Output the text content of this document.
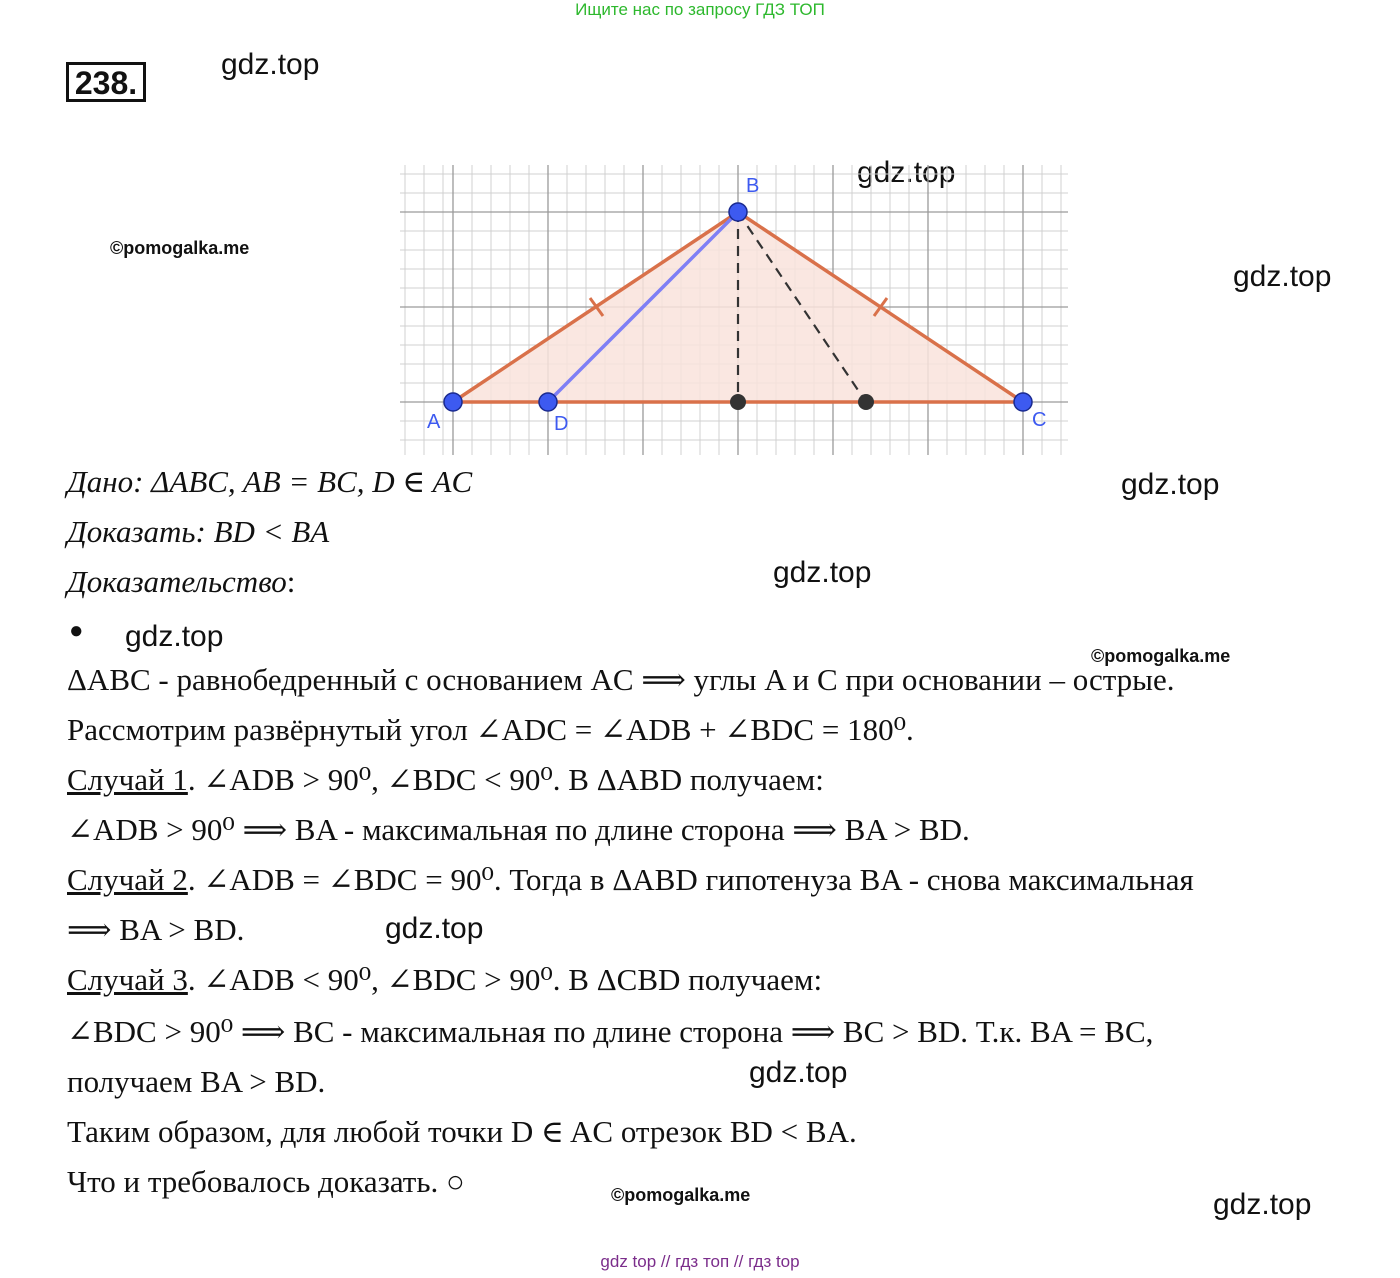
Ищите нас по запросу ГДЗ ТОП
238.
gdz.top
gdz.top
gdz.top
gdz.top
gdz.top
gdz.top
gdz.top
gdz.top
gdz.top
©pomogalka.me
©pomogalka.me
©pomogalka.me
A	D
B
C
Дано: ΔABC, AB = BC, D ∈ AC
Доказать: BD < BA
Доказательство:
●
ΔABC - равнобедренный с основанием AC ⟹ углы A и C при основании – острые.
Рассмотрим развёрнутый угол ∠ADC = ∠ADB + ∠BDC = 180⁰.
Случай 1. ∠ADB > 90⁰, ∠BDC < 90⁰. В ΔABD получаем:
∠ADB > 90⁰ ⟹ BA - максимальная по длине сторона ⟹ BA > BD.
Случай 2. ∠ADB = ∠BDC = 90⁰. Тогда в ΔABD гипотенуза BA - снова максимальная
⟹ BA > BD.
Случай 3. ∠ADB < 90⁰, ∠BDC > 90⁰. В ΔCBD получаем:
∠BDC > 90⁰ ⟹ BC - максимальная по длине сторона ⟹ BC > BD. Т.к. BA = BC,
получаем BA > BD.
Таким образом, для любой точки D ∈ AC отрезок BD < BA.
Что и требовалось доказать. ○
gdz top // гдз топ // гдз top
